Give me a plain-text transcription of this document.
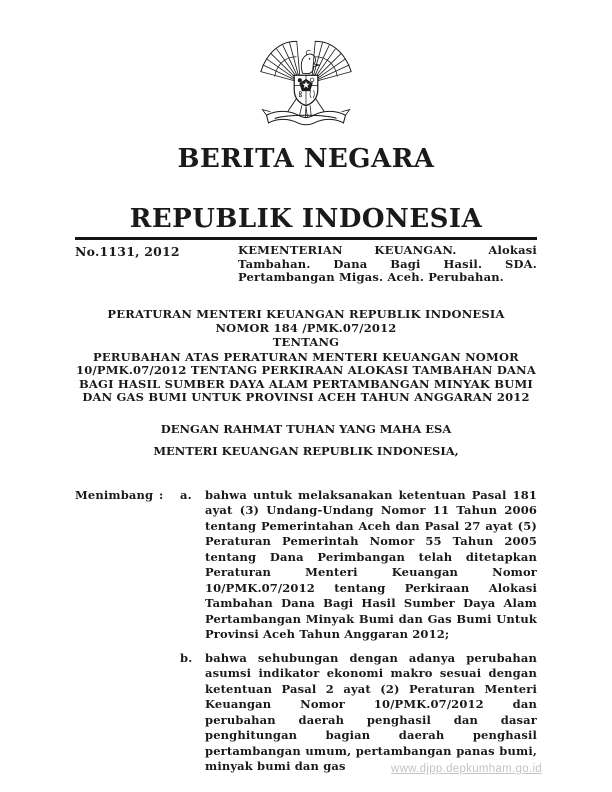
BERITA NEGARA

REPUBLIK INDONESIA

No.1131, 2012	KEMENTERIAN KEUANGAN. Alokasi Tambahan. Dana Bagi Hasil. SDA. Pertambangan Migas. Aceh. Perubahan.
PERATURAN MENTERI KEUANGAN REPUBLIK INDONESIA
NOMOR 184 /PMK.07/2012
TENTANG
PERUBAHAN ATAS PERATURAN MENTERI KEUANGAN NOMOR 10/PMK.07/2012 TENTANG PERKIRAAN ALOKASI TAMBAHAN DANA BAGI HASIL SUMBER DAYA ALAM PERTAMBANGAN MINYAK BUMI DAN GAS BUMI UNTUK PROVINSI ACEH TAHUN ANGGARAN 2012
DENGAN RAHMAT TUHAN YANG MAHA ESA
MENTERI KEUANGAN REPUBLIK INDONESIA,
Menimbang :	a.	bahwa untuk melaksanakan ketentuan Pasal 181 ayat (3) Undang-Undang Nomor 11 Tahun 2006 tentang Pemerintahan Aceh dan Pasal 27 ayat (5) Peraturan Pemerintah Nomor 55 Tahun 2005 tentang Dana Perimbangan telah ditetapkan Peraturan Menteri Keuangan Nomor 10/PMK.07/2012 tentang Perkiraan Alokasi Tambahan Dana Bagi Hasil Sumber Daya Alam Pertambangan Minyak Bumi dan Gas Bumi Untuk Provinsi Aceh Tahun Anggaran 2012;
b.	bahwa sehubungan dengan adanya perubahan asumsi indikator ekonomi makro sesuai dengan ketentuan Pasal 2 ayat (2) Peraturan Menteri Keuangan Nomor 10/PMK.07/2012 dan perubahan daerah penghasil dan dasar penghitungan bagian daerah penghasil pertambangan umum, pertambangan panas bumi, minyak bumi dan gas	www.djpp.depkumham.go.id
